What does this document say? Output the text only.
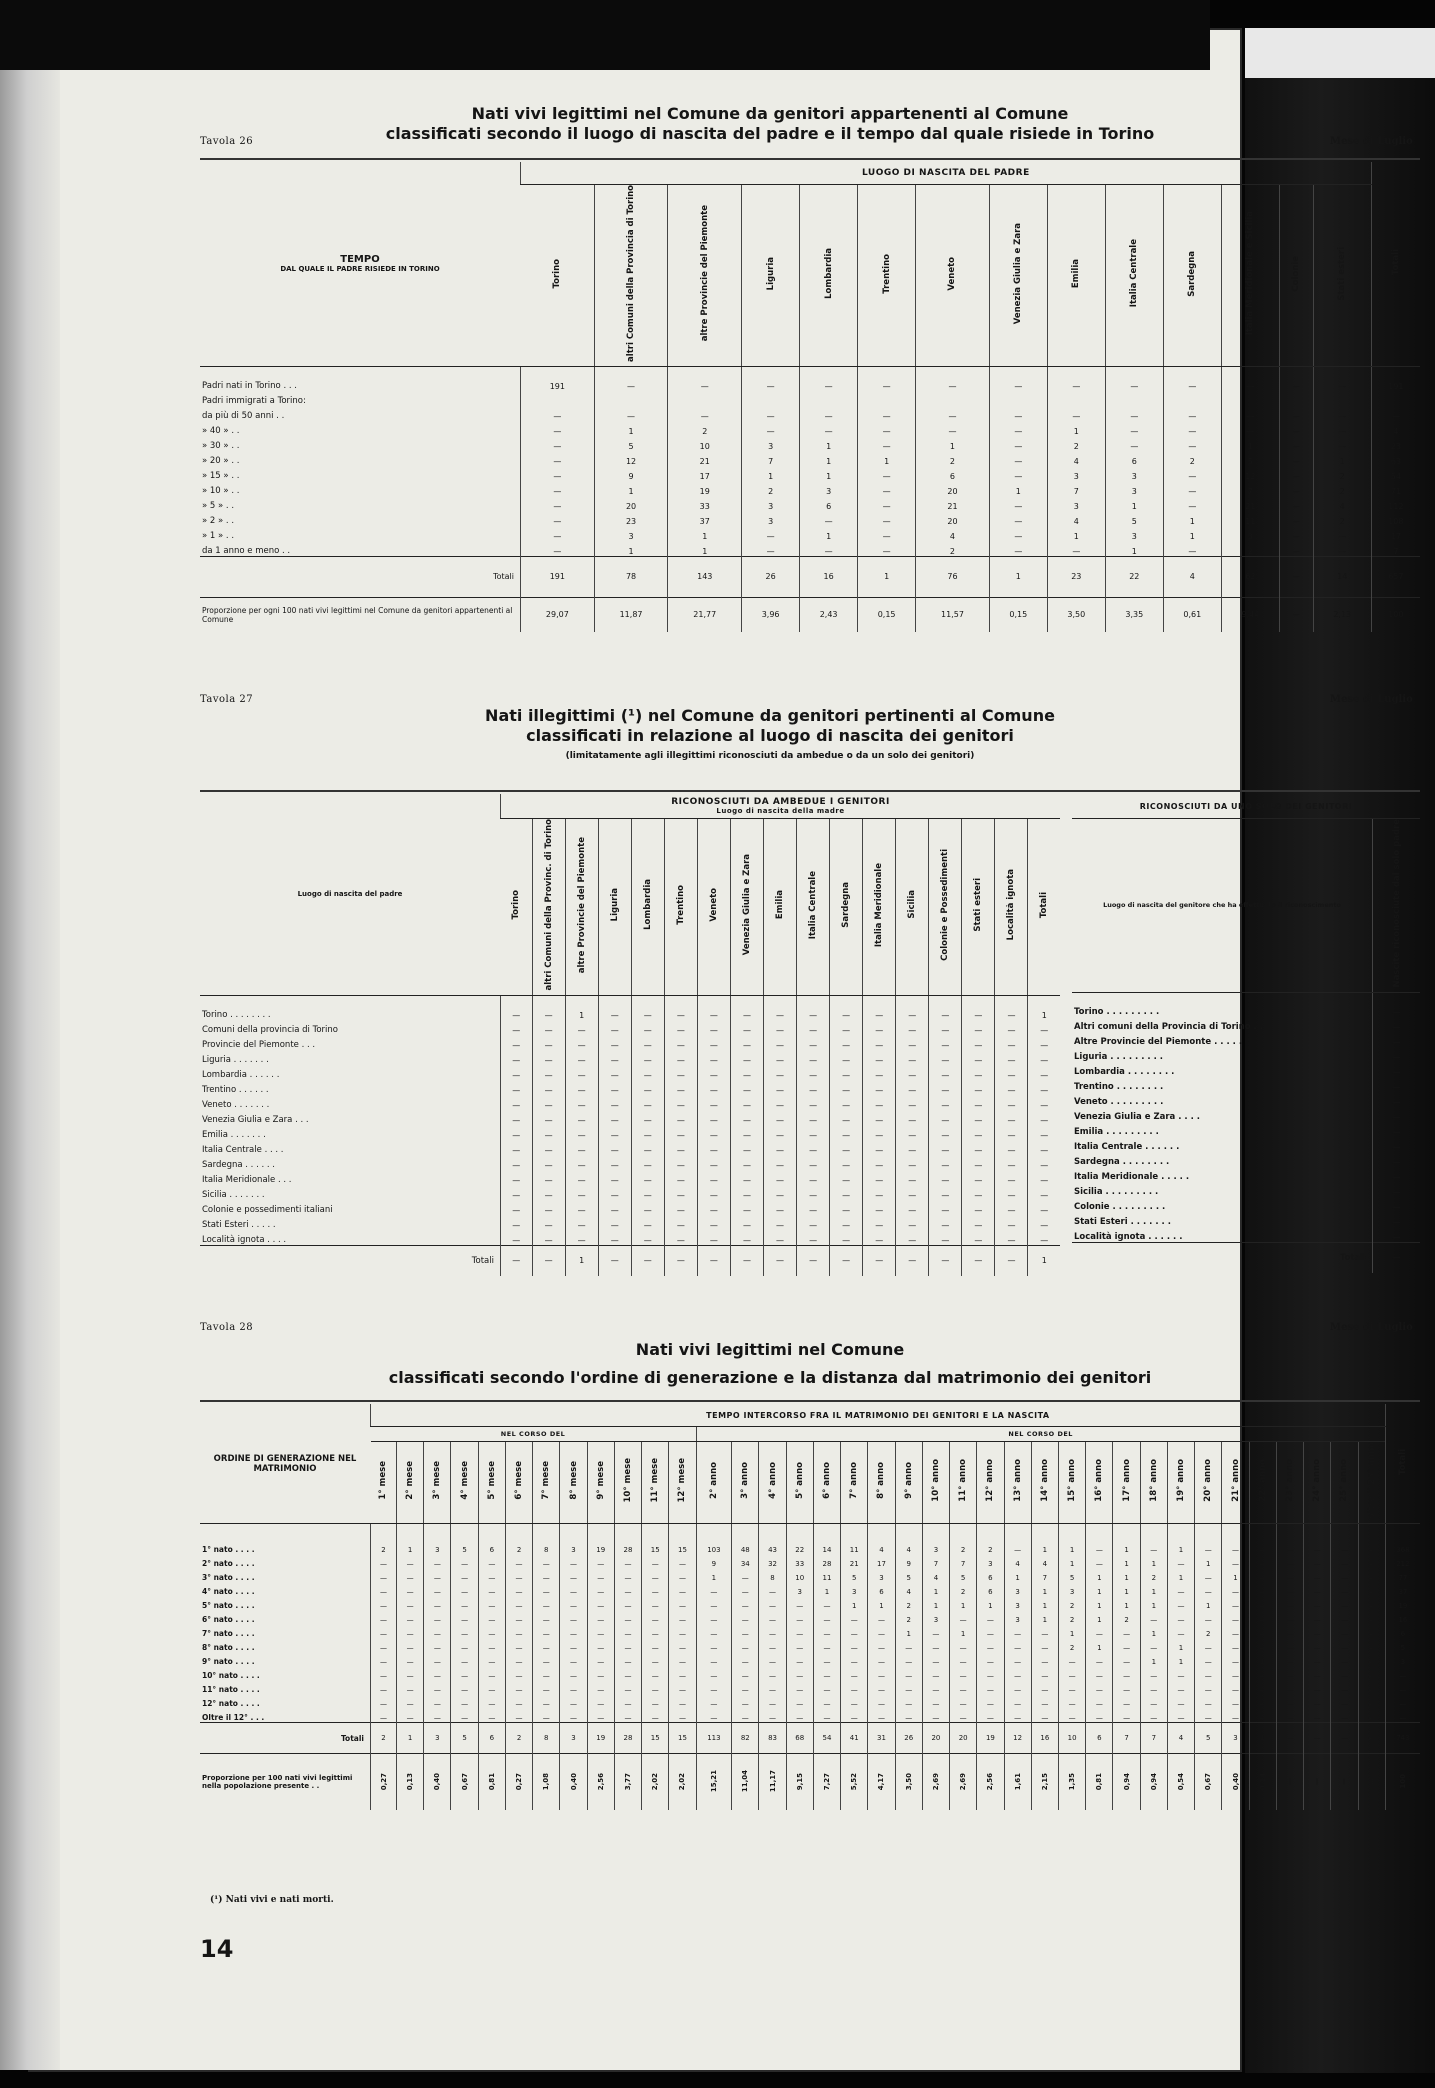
Tavola 26	Mese di Luglio
Nati vivi legittimi nel Comune da genitori appartenenti al Comune
classificati secondo il luogo di nascita del padre e il tempo dal quale risiede in Torino
TEMPO
DAL QUALE IL PADRE RISIEDE IN TORINO	LUOGO DI NASCITA DEL PADRE														Totali
	Torino	altri Comuni della Provincia di Torino	altre Provincie del Piemonte	Liguria	Lombardia	Trentino	Veneto	Venezia Giulia e Zara	Emilia	Italia Centrale	Sardegna	Italia Meridionale e Sicilia	Colonie	Stati esteri	
Padri nati in Torino . . .	191	—	—	—	—	—	—	—	—	—	—	—	—	—	191
Padri immigrati a Torino:															
da più di 50 anni . .	—	—	—	—	—	—	—	—	—	—	—	—	—	—	—
» 40 » . .	—	1	2	—	—	—	—	—	1	—	—	—	—	—	4
» 30 » . .	—	5	10	3	1	—	1	—	2	—	—	1	—	—	23
» 20 » . .	—	12	21	7	1	1	2	—	4	6	2	5	—	1	63
» 15 » . .	—	9	17	1	1	—	6	—	3	3	—	12	—	2	54
» 10 » . .	—	1	19	2	3	—	20	1	7	3	—	7	—	2	71
» 5 » . .	—	20	33	3	6	—	21	—	3	1	—	21	—	4	112
» 2 » . .	—	23	37	3	—	—	20	—	4	5	1	11	—	2	108
» 1 » . .	—	3	1	—	1	—	4	—	1	3	1	3	—	—	17
da 1 anno e meno . .	—	1	1	—	—	—	2	—	—	1	—	2	—	—	7
Totali	191	78	143	26	16	1	76	1	23	22	4	62	—	14	657
Proporzione per ogni 100 nati vivi legittimi nel Comune da genitori appartenenti al Comune	29,07	11,87	21,77	3,96	2,43	0,15	11,57	0,15	3,50	3,35	0,61	9,44	—	2,13	100
Tavola 27	Mese di Luglio
Nati illegittimi (¹) nel Comune da genitori pertinenti al Comune
classificati in relazione al luogo di nascita dei genitori
(limitatamente agli illegittimi riconosciuti da ambedue o da un solo dei genitori)
Luogo di nascita del padre	RICONOSCIUTI DA AMBEDUE I GENITORI
Luogo di nascita della madre																

	Torino	altri Comuni della Provinc. di Torino	altre Provincie del Piemonte	Liguria	Lombardia	Trentino	Veneto	Venezia Giulia e Zara	Emilia	Italia Centrale	Sardegna	Italia Meridionale	Sicilia	Colonie e Possedimenti	Stati esteri	Località ignota	Totali
Torino . . . . . . . .	—	—	1	—	—	—	—	—	—	—	—	—	—	—	—	—	1
Comuni della provincia di Torino	—	—	—	—	—	—	—	—	—	—	—	—	—	—	—	—	—
Provincie del Piemonte . . .	—	—	—	—	—	—	—	—	—	—	—	—	—	—	—	—	—
Liguria . . . . . . .	—	—	—	—	—	—	—	—	—	—	—	—	—	—	—	—	—
Lombardia . . . . . .	—	—	—	—	—	—	—	—	—	—	—	—	—	—	—	—	—
Trentino . . . . . .	—	—	—	—	—	—	—	—	—	—	—	—	—	—	—	—	—
Veneto . . . . . . .	—	—	—	—	—	—	—	—	—	—	—	—	—	—	—	—	—
Venezia Giulia e Zara . . .	—	—	—	—	—	—	—	—	—	—	—	—	—	—	—	—	—
Emilia . . . . . . .	—	—	—	—	—	—	—	—	—	—	—	—	—	—	—	—	—
Italia Centrale . . . .	—	—	—	—	—	—	—	—	—	—	—	—	—	—	—	—	—
Sardegna . . . . . .	—	—	—	—	—	—	—	—	—	—	—	—	—	—	—	—	—
Italia Meridionale . . .	—	—	—	—	—	—	—	—	—	—	—	—	—	—	—	—	—
Sicilia . . . . . . .	—	—	—	—	—	—	—	—	—	—	—	—	—	—	—	—	—
Colonie e possedimenti italiani	—	—	—	—	—	—	—	—	—	—	—	—	—	—	—	—	—
Stati Esteri . . . . .	—	—	—	—	—	—	—	—	—	—	—	—	—	—	—	—	—
Località ignota . . . .	—	—	—	—	—	—	—	—	—	—	—	—	—	—	—	—	—
Totali	—	—	1	—	—	—	—	—	—	—	—	—	—	—	—	—	1
RICONOSCIUTI DA UNO SOLO DEI GENITORI	
Luogo di nascita del genitore che ha effettuato il riconoscimento	Nascite riconosciute dal solo padre
Torino . . . . . . . . .	—
Altri comuni della Provincia di Torino . .	—
Altre Provincie del Piemonte . . . . .	—
Liguria . . . . . . . . .	—
Lombardia . . . . . . . .	—
Trentino . . . . . . . .	—
Veneto . . . . . . . . .	—
Venezia Giulia e Zara . . . .	—
Emilia . . . . . . . . .	—
Italia Centrale . . . . . .	—
Sardegna . . . . . . . .	—
Italia Meridionale . . . . .	—
Sicilia . . . . . . . . .	—
Colonie . . . . . . . . .	—
Stati Esteri . . . . . . .	—
Località ignota . . . . . .	—
Totali	—
Tavola 28	Mese di Luglio
Nati vivi legittimi nel Comune
classificati secondo l'ordine di generazione e la distanza dal matrimonio dei genitori
ORDINE DI GENERAZIONE NEL MATRIMONIO	TEMPO INTERCORSO FRA IL MATRIMONIO DEI GENITORI E LA NASCITA																																					Totali
	NEL CORSO DEL												NEL CORSO DEL																									
	1° mese	2° mese	3° mese	4° mese	5° mese	6° mese	7° mese	8° mese	9° mese	10° mese	11° mese	12° mese	2° anno	3° anno	4° anno	5° anno	6° anno	7° anno	8° anno	9° anno	10° anno	11° anno	12° anno	13° anno	14° anno	15° anno	16° anno	17° anno	18° anno	19° anno	20° anno	21° anno	22° anno	23° anno	24° anno	25° anno	oltre il 25° anno	
1° nato . . . .	2	1	3	5	6	2	8	3	19	28	15	15	103	48	43	22	14	11	4	4	3	2	2	—	1	1	—	1	—	1	—	—	—	—	—	—	—	368
2° nato . . . .	—	—	—	—	—	—	—	—	—	—	—	—	9	34	32	33	28	21	17	9	7	7	3	4	4	1	—	1	1	—	1	—	—	—	—	—	—	212
3° nato . . . .	—	—	—	—	—	—	—	—	—	—	—	—	1	—	8	10	11	5	3	5	4	5	6	1	7	5	1	1	2	1	—	1	—	—	—	—	—	77
4° nato . . . .	—	—	—	—	—	—	—	—	—	—	—	—	—	—	—	3	1	3	6	4	1	2	6	3	1	3	1	1	1	—	—	—	—	—	—	—	—	37
5° nato . . . .	—	—	—	—	—	—	—	—	—	—	—	—	—	—	—	—	—	1	1	2	1	1	1	3	1	2	1	1	1	—	1	—	—	—	—	—	—	19
6° nato . . . .	—	—	—	—	—	—	—	—	—	—	—	—	—	—	—	—	—	—	—	2	3	—	—	3	1	2	1	2	—	—	—	—	—	—	—	—	—	16
7° nato . . . .	—	—	—	—	—	—	—	—	—	—	—	—	—	—	—	—	—	—	—	1	—	1	—	—	—	1	—	—	1	—	2	—	—	—	—	—	—	6
8° nato . . . .	—	—	—	—	—	—	—	—	—	—	—	—	—	—	—	—	—	—	—	—	—	—	—	—	—	2	1	—	—	1	—	—	—	—	—	—	—	5
9° nato . . . .	—	—	—	—	—	—	—	—	—	—	—	—	—	—	—	—	—	—	—	—	—	—	—	—	—	—	—	—	1	1	—	—	1	—	—	—	—	3
10° nato . . . .	—	—	—	—	—	—	—	—	—	—	—	—	—	—	—	—	—	—	—	—	—	—	—	—	—	—	—	—	—	—	—	—	—	—	—	—	—	—
11° nato . . . .	—	—	—	—	—	—	—	—	—	—	—	—	—	—	—	—	—	—	—	—	—	—	—	—	—	—	—	—	—	—	—	—	—	—	—	—	—	—
12° nato . . . .	—	—	—	—	—	—	—	—	—	—	—	—	—	—	—	—	—	—	—	—	—	—	—	—	—	—	—	—	—	—	—	—	—	—	—	—	—	—
Oltre il 12° . . .	—	—	—	—	—	—	—	—	—	—	—	—	—	—	—	—	—	—	—	—	—	—	—	—	—	—	—	—	—	—	—	—	—	—	—	—	—	—
Totali	2	1	3	5	6	2	8	3	19	28	15	15	113	82	83	68	54	41	31	26	20	20	19	12	16	10	6	7	7	4	5	3	1	—	—	—	—	743
Proporzione per 100 nati vivi legittimi nella popolazione presente . .	0,27	0,13	0,40	0,67	0,81	0,27	1,08	0,40	2,56	3,77	2,02	2,02	15,21	11,04	11,17	9,15	7,27	5,52	4,17	3,50	2,69	2,69	2,56	1,61	2,15	1,35	0,81	0,94	0,94	0,54	0,67	0,40	0,14	—	—	—	—	100
(¹) Nati vivi e nati morti.
14
